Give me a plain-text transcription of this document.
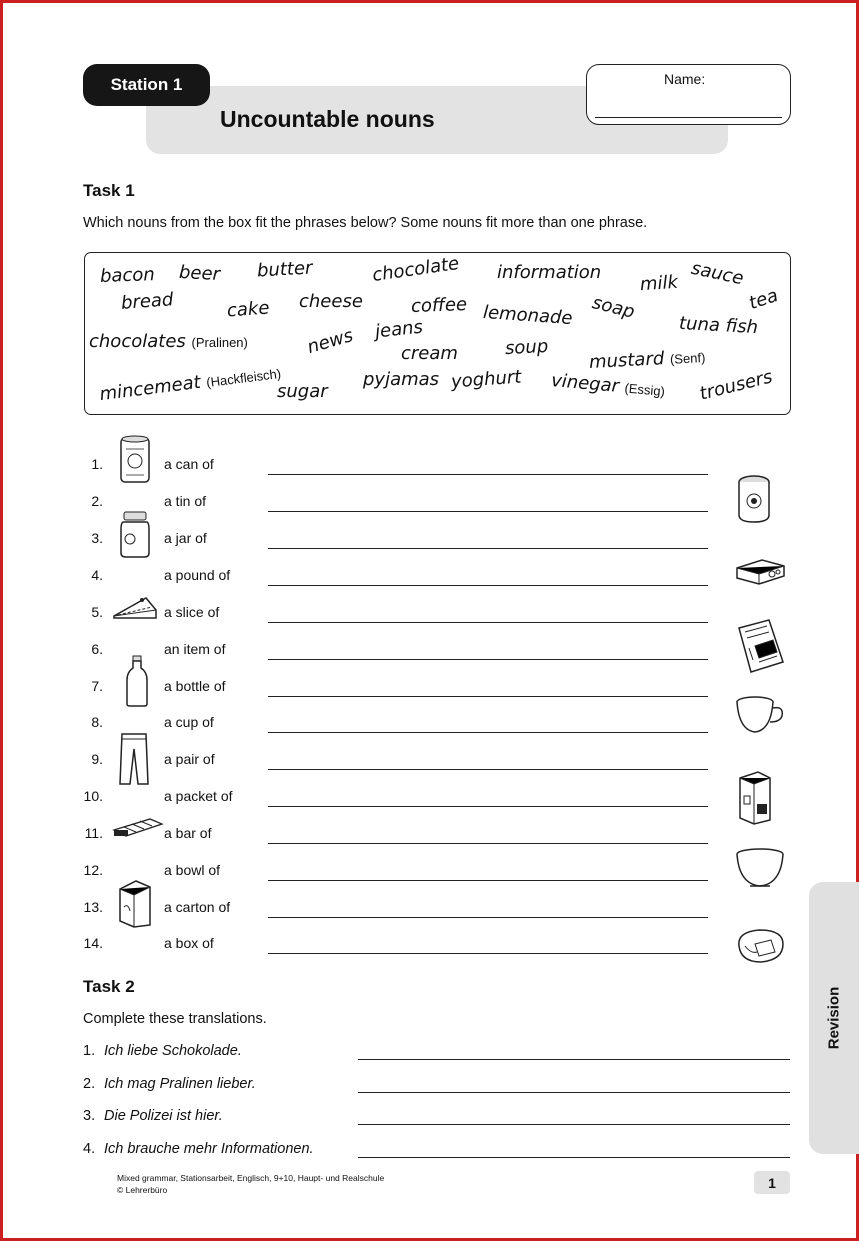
Station 1
Uncountable nouns
Name:
Task 1
Which nouns from the box fit the phrases below? Some nouns fit more than one phrase.
bacon beer butter	chocolate information milk sauce
bread	cake cheese	coffee lemonade soap	tea
chocolates (Pralinen)	news jeans
cream	soup
tuna fish
mustard (Senf)
mincemeat (Hackfleisch)
sugar
pyjamas yoghurt vinegar (Essig) trousers
1.	a can of
2.	a tin of
3.	a jar of
4.	a pound of
5.	a slice of
6.	an item of
7.	a bottle of
8.	a cup of
9.	a pair of
10.	a packet of
11.	a bar of
12.	a bowl of
13.	a carton of
14.	a box of
Task 2
Complete these translations.
1. Ich liebe Schokolade.
2. Ich mag Pralinen lieber.
3. Die Polizei ist hier.
4. Ich brauche mehr Informationen.
Revision
Mixed grammar, Stationsarbeit, Englisch, 9+10, Haupt- und Realschule
© Lehrerbüro	1
